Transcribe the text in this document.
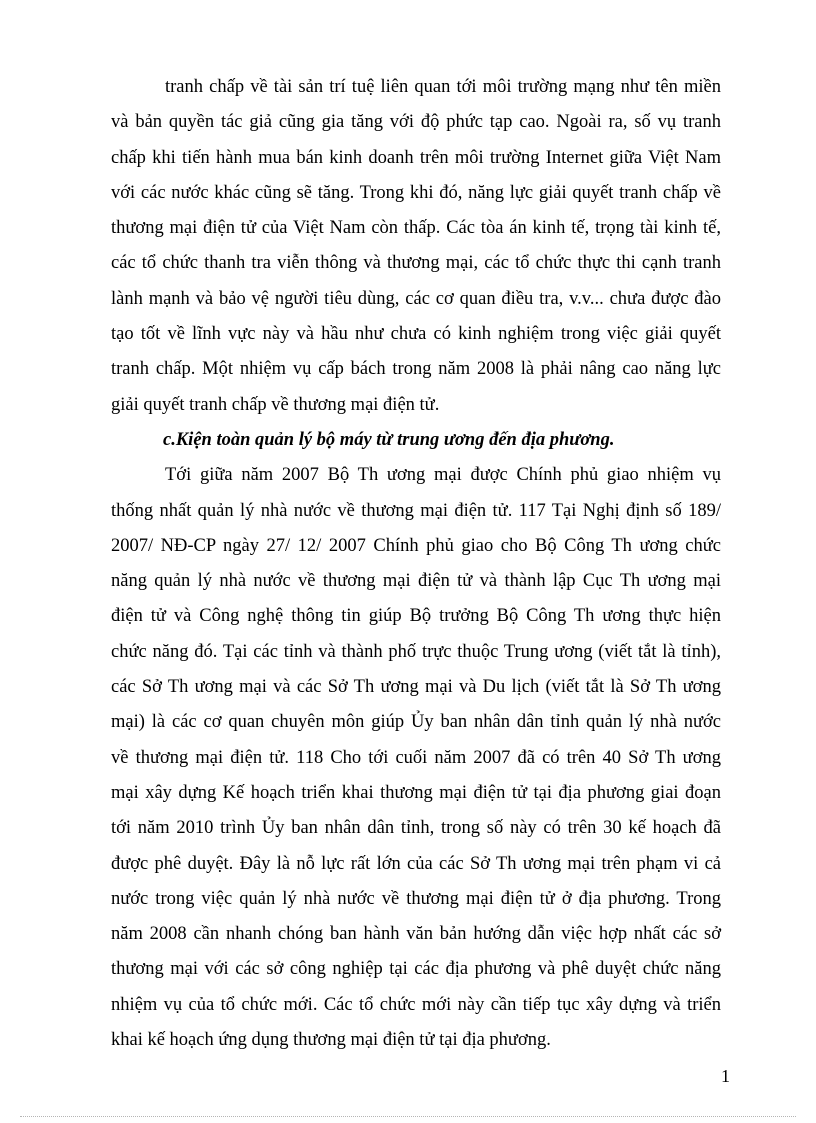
tranh chấp về tài sản trí tuệ liên quan tới môi trường mạng như tên miền
và bản quyền tác giả cũng gia tăng với độ phức tạp cao. Ngoài ra, số vụ tranh
chấp khi tiến hành mua bán kinh doanh trên môi trường Internet giữa Việt Nam
với các nước khác cũng sẽ tăng. Trong khi đó, năng lực giải quyết tranh chấp về
thương mại điện tử của Việt Nam còn thấp. Các tòa án kinh tế, trọng tài kinh tế,
các tổ chức thanh tra viễn thông và thương mại, các tổ chức thực thi cạnh tranh
lành mạnh và bảo vệ người tiêu dùng, các cơ quan điều tra, v.v... chưa được đào
tạo tốt về lĩnh vực này và hầu như chưa có kinh nghiệm trong việc giải quyết
tranh chấp. Một nhiệm vụ cấp bách trong năm 2008 là phải nâng cao năng lực
giải quyết tranh chấp về thương mại điện tử.
c.Kiện toàn quản lý bộ máy từ trung ương đến địa phương.
Tới giữa năm 2007 Bộ Th ương mại được Chính phủ giao nhiệm vụ
thống nhất quản lý nhà nước về thương mại điện tử. 117 Tại Nghị định số 189/
2007/ NĐ-CP ngày 27/ 12/ 2007 Chính phủ giao cho Bộ Công Th ương chức
năng quản lý nhà nước về thương mại điện tử và thành lập Cục Th ương mại
điện tử và Công nghệ thông tin giúp Bộ trưởng Bộ Công Th ương thực hiện
chức năng đó. Tại các tỉnh và thành phố trực thuộc Trung ương (viết tắt là tỉnh),
các Sở Th ương mại và các Sở Th ương mại và Du lịch (viết tắt là Sở Th ương
mại) là các cơ quan chuyên môn giúp Ủy ban nhân dân tỉnh quản lý nhà nước
về thương mại điện tử. 118 Cho tới cuối năm 2007 đã có trên 40 Sở Th ương
mại xây dựng Kế hoạch triển khai thương mại điện tử tại địa phương giai đoạn
tới năm 2010 trình Ủy ban nhân dân tỉnh, trong số này có trên 30 kế hoạch đã
được phê duyệt. Đây là nỗ lực rất lớn của các Sở Th ương mại trên phạm vi cả
nước trong việc quản lý nhà nước về thương mại điện tử ở địa phương. Trong
năm 2008 cần nhanh chóng ban hành văn bản hướng dẫn việc hợp nhất các sở
thương mại với các sở công nghiệp tại các địa phương và phê duyệt chức năng
nhiệm vụ của tổ chức mới. Các tổ chức mới này cần tiếp tục xây dựng và triển
khai kế hoạch ứng dụng thương mại điện tử tại địa phương.
1
